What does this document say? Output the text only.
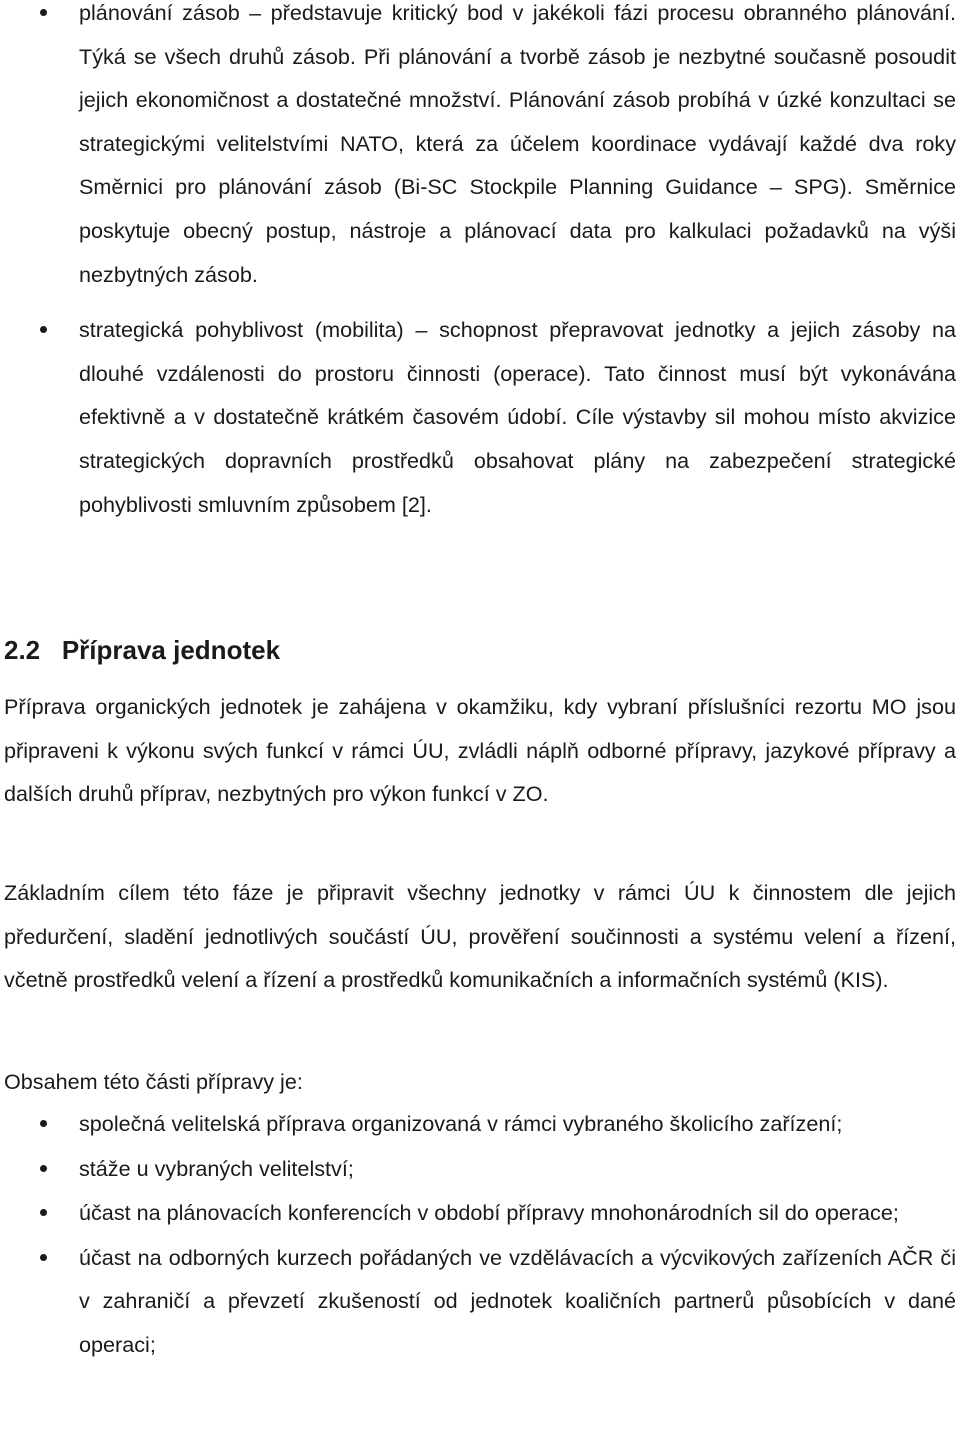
plánování zásob – představuje kritický bod v jakékoli fázi procesu obranného plánování. Týká se všech druhů zásob. Při plánování a tvorbě zásob je nezbytné současně posoudit jejich ekonomičnost a dostatečné množství. Plánování zásob probíhá v úzké konzultaci se strategickými velitelstvími NATO, která za účelem koordinace vydávají každé dva roky Směrnici pro plánování zásob (Bi-SC Stockpile Planning Guidance – SPG). Směrnice poskytuje obecný postup, nástroje a plánovací data pro kalkulaci požadavků na výši nezbytných zásob.
strategická pohyblivost (mobilita) – schopnost přepravovat jednotky a jejich zásoby na dlouhé vzdálenosti do prostoru činnosti (operace). Tato činnost musí být vykonávána efektivně a v dostatečně krátkém časovém údobí. Cíle výstavby sil mohou místo akvizice strategických dopravních prostředků obsahovat plány na zabezpečení strategické pohyblivosti smluvním způsobem [2].
2.2 Příprava jednotek

Příprava organických jednotek je zahájena v okamžiku, kdy vybraní příslušníci rezortu MO jsou připraveni k výkonu svých funkcí v rámci ÚU, zvládli náplň odborné přípravy, jazykové přípravy a dalších druhů příprav, nezbytných pro výkon funkcí v ZO.

Základním cílem této fáze je připravit všechny jednotky v rámci ÚU k činnostem dle jejich předurčení, sladění jednotlivých součástí ÚU, prověření součinnosti a systému velení a řízení, včetně prostředků velení a řízení a prostředků komunikačních a informačních systémů (KIS).

Obsahem této části přípravy je:

společná velitelská příprava organizovaná v rámci vybraného školicího zařízení;
stáže u vybraných velitelství;
účast na plánovacích konferencích v období přípravy mnohonárodních sil do operace;
účast na odborných kurzech pořádaných ve vzdělávacích a výcvikových zařízeních AČR či v zahraničí a převzetí zkušeností od jednotek koaličních partnerů působících v dané operaci;
